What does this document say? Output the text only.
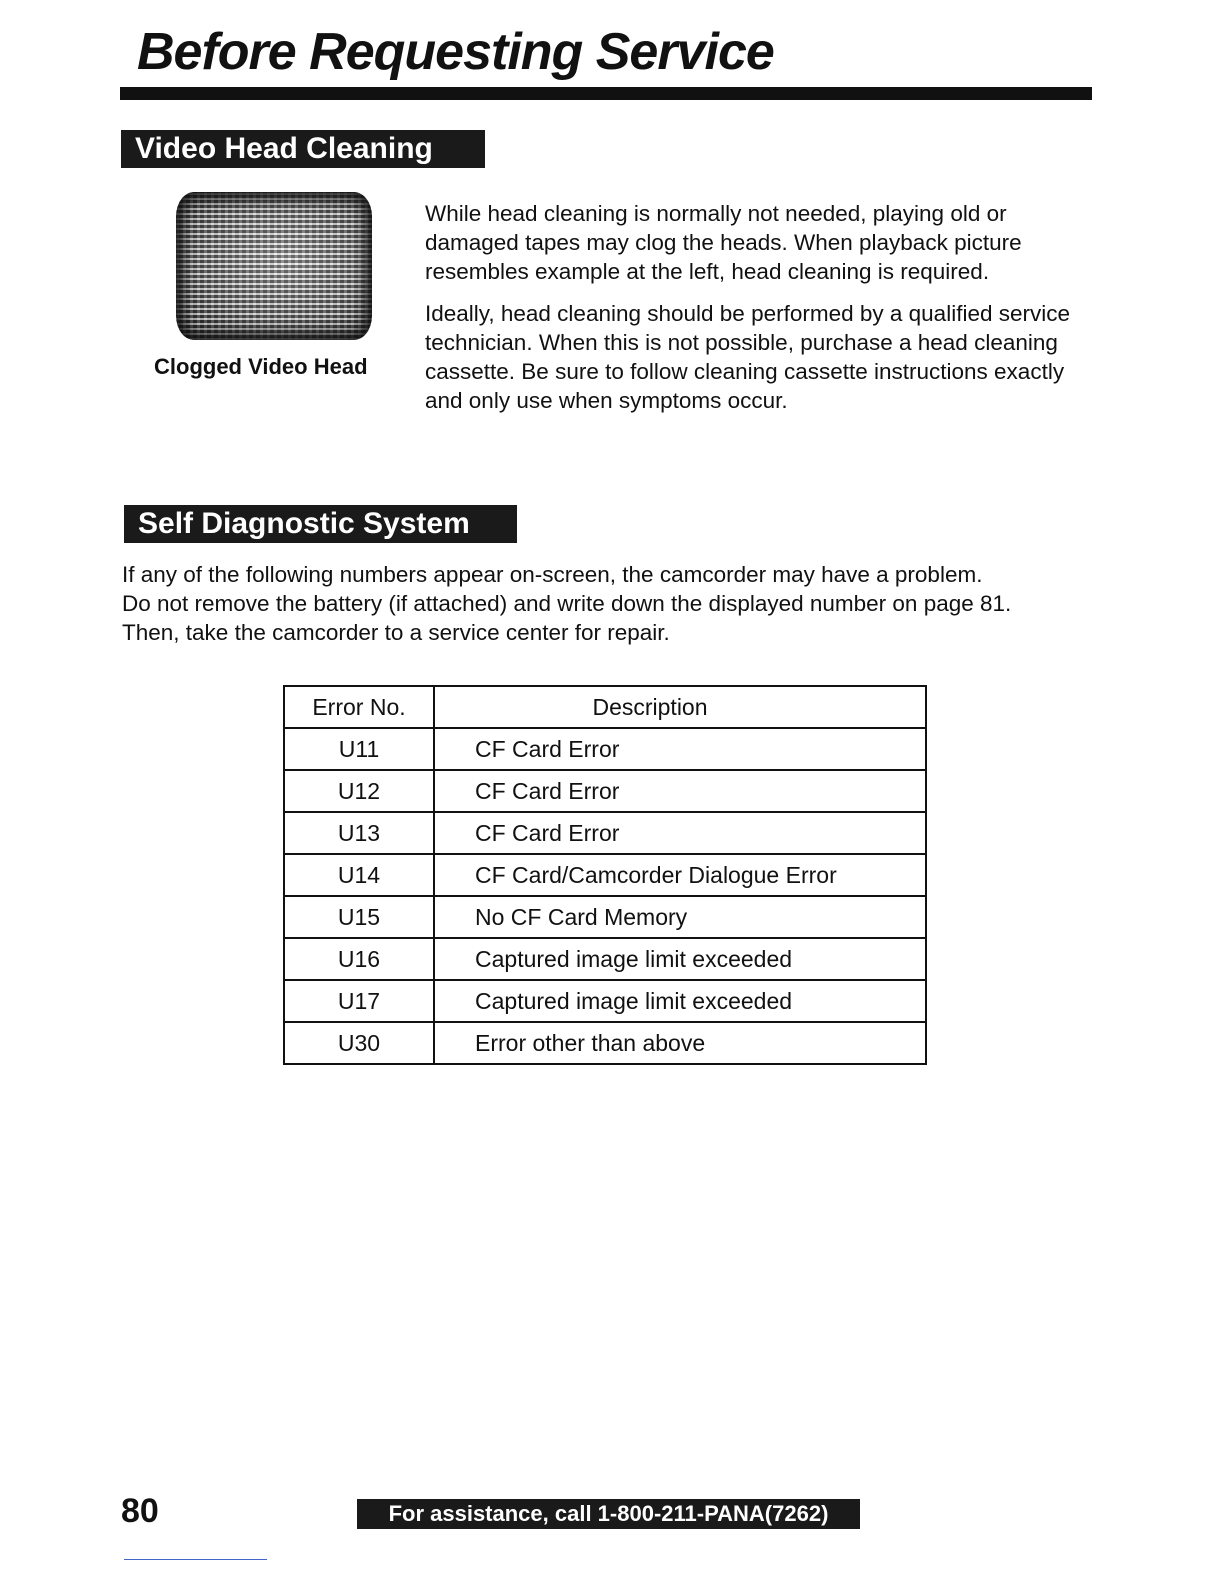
Before Requesting Service
Video Head Cleaning
Clogged Video Head

While head cleaning is normally not needed, playing old or damaged tapes may clog the heads. When playback picture resembles example at the left, head cleaning is required.

Ideally, head cleaning should be performed by a qualified service technician. When this is not possible, purchase a head cleaning cassette. Be sure to follow cleaning cassette instructions exactly and only use when symptoms occur.

Self Diagnostic System

If any of the following numbers appear on-screen, the camcorder may have a problem.
Do not remove the battery (if attached) and write down the displayed number on page 81.
Then, take the camcorder to a service center for repair.

Error No.	Description
U11	CF Card Error
U12	CF Card Error
U13	CF Card Error
U14	CF Card/Camcorder Dialogue Error
U15	No CF Card Memory
U16	Captured image limit exceeded
U17	Captured image limit exceeded
U30	Error other than above
80	For assistance, call 1-800-211-PANA(7262)
